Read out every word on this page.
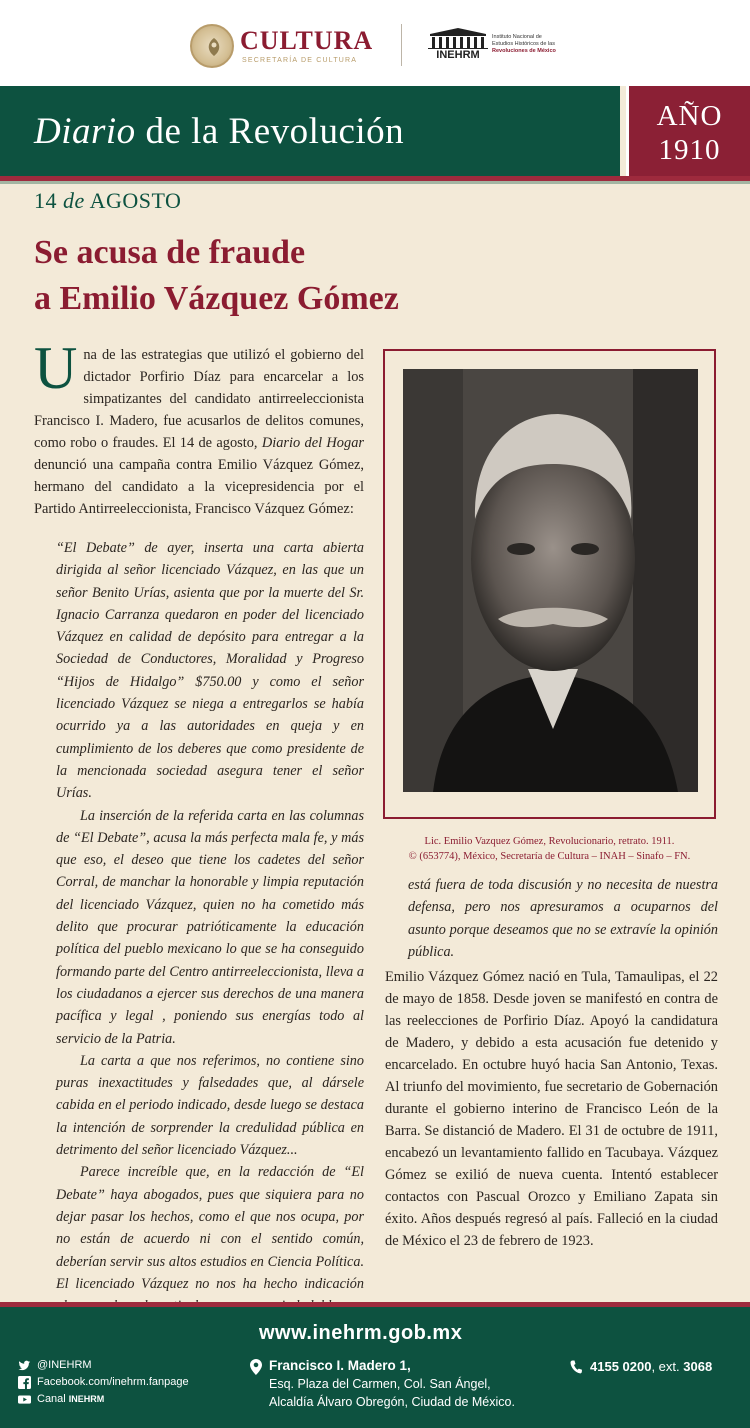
CULTURA
SECRETARÍA DE CULTURA	INEHRM
Instituto Nacional de
Estudios Históricos de las
Revoluciones de México
Diario de la Revolución	AÑO
1910
14 de AGOSTO
Se acusa de fraude
a Emilio Vázquez Gómez
Una de las estrategias que utilizó el gobierno del dictador Porfirio Díaz para encarcelar a los simpatizantes del candidato antirreeleccionista Francisco I. Madero, fue acusarlos de delitos comunes, como robo o fraudes. El 14 de agosto, Diario del Hogar denunció una campaña contra Emilio Vázquez Gómez, hermano del candidato a la vicepresidencia por el Partido Antirreeleccionista, Francisco Vázquez Gómez:

“El Debate” de ayer, inserta una carta abierta dirigida al señor licenciado Vázquez, en las que un señor Benito Urías, asienta que por la muerte del Sr. Ignacio Carranza quedaron en poder del licenciado Vázquez en calidad de depósito para entregar a la Sociedad de Conductores, Moralidad y Progreso “Hijos de Hidalgo” $750.00 y como el señor licenciado Vázquez se niega a entregarlos se había ocurrido ya a las autoridades en queja y en cumplimiento de los deberes que como presidente de la mencionada sociedad asegura tener el señor Urías.

La inserción de la referida carta en las columnas de “El Debate”, acusa la más perfecta mala fe, y más que eso, el deseo que tiene los cadetes del señor Corral, de manchar la honorable y limpia reputación del licenciado Vázquez, quien no ha cometido más delito que procurar patrióticamente la educación política del pueblo mexicano lo que se ha conseguido formando parte del Centro antirreeleccionista, lleva a los ciudadanos a ejercer sus derechos de una manera pacífica y legal , poniendo sus energías todo al servicio de la Patria.

La carta a que nos referimos, no contiene sino puras inexactitudes y falsedades que, al dársele cabida en el periodo indicado, desde luego se destaca la intención de sorprender la credulidad pública en detrimento del señor licenciado Vázquez...

Parece increíble que, en la redacción de “El Debate” haya abogados, pues que siquiera para no dejar pasar los hechos, como el que nos ocupa, por no están de acuerdo ni con el sentido común, deberían servir sus altos estudios en Ciencia Política. El licenciado Vázquez no nos ha hecho indicación

Lic. Emilio Vazquez Gómez, Revolucionario, retrato. 1911.
© (653774), México, Secretaría de Cultura – INAH – Sinafo – FN.

está fuera de toda discusión y no necesita de nuestra defensa, pero nos apresuramos a ocuparnos del asunto porque deseamos que no se extravíe la opinión pública.

Emilio Vázquez Gómez nació en Tula, Tamaulipas, el 22 de mayo de 1858. Desde joven se manifestó en contra de las reelecciones de Porfirio Díaz. Apoyó la candidatura de Madero, y debido a esta acusación fue detenido y encarcelado. En octubre huyó hacia San Antonio, Texas. Al triunfo del movimiento, fue secretario de Gobernación durante el gobierno interino de Francisco León de la Barra. Se distanció de Madero. El 31 de octubre de 1911, encabezó un levantamiento fallido en Tacubaya. Vázquez Gómez se exilió de nueva cuenta. Intentó establecer contactos con Pascual Orozco y Emiliano Zapata sin éxito. Años después regresó al país. Falleció en la ciudad de México el 23 de febrero de 1923.

www.inehrm.gob.mx
@INEHRM
Facebook.com/inehrm.fanpage
Canal INEHRM
Francisco I. Madero 1,
Esq. Plaza del Carmen, Col. San Ángel,
Alcaldía Álvaro Obregón, Ciudad de México.
4155 0200, ext. 3068
